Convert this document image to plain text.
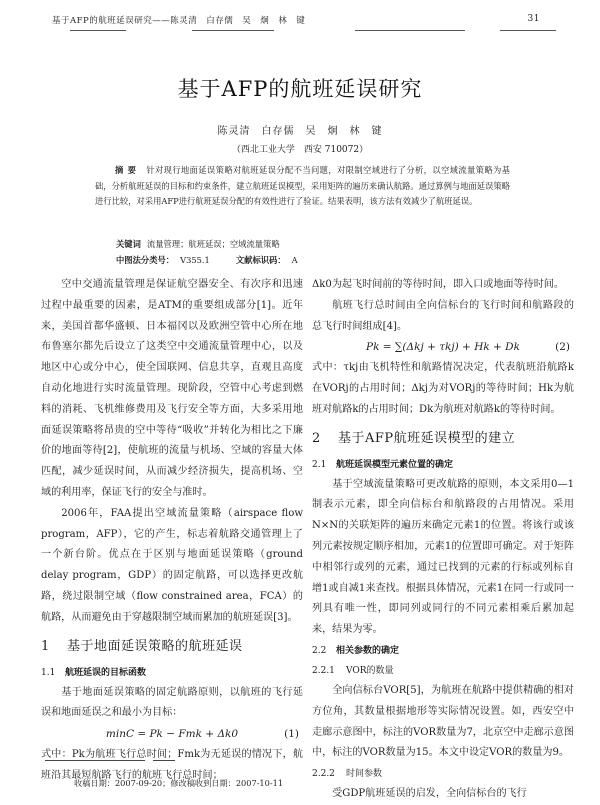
基于AFP的航班延误研究——陈灵清　白存儒　吴　炯　林　键	31
基于AFP的航班延误研究
陈灵清　白存儒　吴　炯　林　键
（西北工业大学　西安 710072）
摘要 针对现行地面延误策略对航班延误分配不当问题，对限制空域进行了分析，以空域流量策略为基础，分析航班延误的目标和约束条件，建立航班延误模型，采用矩阵的遍历来确认航路。通过算例与地面延误策略进行比较，对采用AFP进行航班延误分配的有效性进行了验证。结果表明，该方法有效减少了航班延误。
关键词 流量管理；航班延误；空域流量策略
中图法分类号： V355.1	文献标识码： A

空中交通流量管理是保证航空器安全、有次序和迅速过程中最重要的因素，是ATM的重要组成部分[1]。近年来，美国首都华盛顿、日本福冈以及欧洲空管中心所在地布鲁塞尔都先后设立了这类空中交通流量管理中心，以及地区中心或分中心，使全国联网、信息共享，直观且高度自动化地进行实时流量管理。现阶段，空管中心考虑到燃料的消耗、飞机维修费用及飞行安全等方面，大多采用地面延误策略将昂贵的空中等待“吸收”并转化为相比之下廉价的地面等待[2]，使航班的流量与机场、空域的容量大体匹配，减少延误时间，从而减少经济损失，提高机场、空域的利用率，保证飞行的安全与准时。

2006年，FAA提出空域流量策略（airspace flow program，AFP），它的产生，标志着航路交通管理上了一个新台阶。优点在于区别与地面延误策略（ground delay program，GDP）的固定航路，可以选择更改航路，绕过限制空域（flow constrained area，FCA）的航路，从而避免由于穿越限制空域而累加的航班延误[3]。

1 基于地面延误策略的航班延误
1.1 航班延误的目标函数

基于地面延误策略的固定航路原则，以航班的飞行延误和地面延误之和最小为目标：

minC = Pk − Fmk + Δk0	(1)

式中：Pk为航班飞行总时间；Fmk为无延误的情况下，航班沿其最短航路飞行的航班飞行总时间；

Δk0为起飞时间前的等待时间，即入口或地面等待时间。

航班飞行总时间由全向信标台的飞行时间和航路段的总飞行时间组成[4]。

Pk = ∑(Δkj + τkj) + Hk + Dk	(2)

式中：τkj由飞机特性和航路情况决定，代表航班沿航路k在VORj的占用时间；Δkj为对VORj的等待时间；Hk为航班对航路k的占用时间；Dk为航班对航路k的等待时间。

2 基于AFP航班延误模型的建立
2.1 航班延误模型元素位置的确定

基于空域流量策略可更改航路的原则，本文采用0—1制表示元素，即全向信标台和航路段的占用情况。采用N×N的关联矩阵的遍历来确定元素1的位置。将该行或该列元素按规定顺序相加，元素1的位置即可确定。对于矩阵中相邻行或列的元素，通过已找到的元素的行标或列标自增1或自减1来查找。根据具体情况，元素1在同一行或同一列具有唯一性，即同列或同行的不同元素相乘后累加起来，结果为零。

2.2 相关参数的确定
2.2.1 VOR的数量

全向信标台VOR[5]，为航班在航路中提供精确的相对方位角，其数量根据地形等实际情况设置。如，西安空中走廊示意图中，标注的VOR数量为7，北京空中走廊示意图中，标注的VOR数量为15。本文中设定VOR的数量为9。

2.2.2 时间参数

受GDP航班延误的启发，全向信标台的飞行

收稿日期：2007-09-20；修改稿收到日期：2007-10-11
